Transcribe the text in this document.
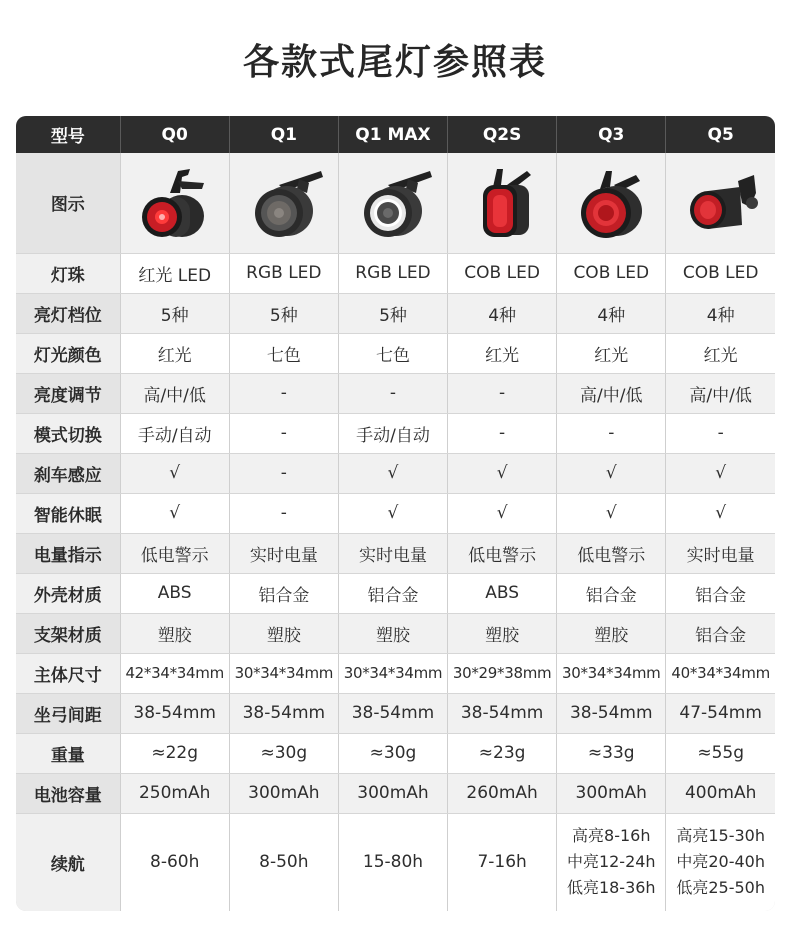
各款式尾灯参照表
型号	Q0	Q1	Q1 MAX	Q2S	Q3	Q5
图示						
灯珠	红光 LED	RGB LED	RGB LED	COB LED	COB LED	COB LED
亮灯档位	5种	5种	5种	4种	4种	4种
灯光颜色	红光	七色	七色	红光	红光	红光
亮度调节	高/中/低	-	-	-	高/中/低	高/中/低
模式切换	手动/自动	-	手动/自动	-	-	-
刹车感应	√	-	√	√	√	√
智能休眠	√	-	√	√	√	√
电量指示	低电警示	实时电量	实时电量	低电警示	低电警示	实时电量
外壳材质	ABS	铝合金	铝合金	ABS	铝合金	铝合金
支架材质	塑胶	塑胶	塑胶	塑胶	塑胶	铝合金
主体尺寸	42*34*34mm	30*34*34mm	30*34*34mm	30*29*38mm	30*34*34mm	40*34*34mm
坐弓间距	38-54mm	38-54mm	38-54mm	38-54mm	38-54mm	47-54mm
重量	≈22g	≈30g	≈30g	≈23g	≈33g	≈55g
电池容量	250mAh	300mAh	300mAh	260mAh	300mAh	400mAh
续航	8-60h	8-50h	15-80h	7-16h	高亮8-16h
中亮12-24h
低亮18-36h	高亮15-30h
中亮20-40h
低亮25-50h
